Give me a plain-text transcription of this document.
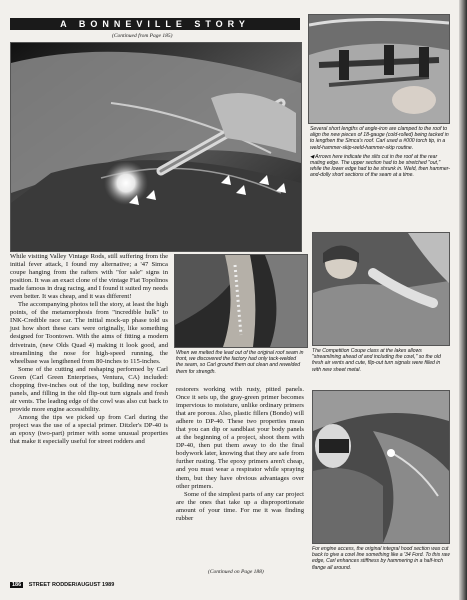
A BONNEVILLE STORY
(Continued from Page 185)

Several short lengths of angle-iron are clamped to the roof to align the new pieces of 18-gauge (cold-rolled) being tacked in to lengthen the Simca's roof. Carl used a #000 torch tip, in a weld-hammer-skip-weld-hammer-skip routine.

◀ Arrows here indicate the slits cut in the roof at the rear mating edge. The upper section had to be stretched "out," while the lower edge had to be shrunk in. Weld, then hammer-and-dolly short sections of the seam at a time.

While visiting Valley Vintage Rods, still suffering from the initial fever attack, I found my alternative; a '47 Simca coupe hanging from the rafters with "for sale" signs in position. It was an exact clone of the vintage Fiat Topolinos made famous in drag racing, and I found it suited my needs even better. It was cheap, and it was different!

The accompanying photos tell the story, at least the high points, of the metamorphosis from "incredible hulk" to INK-Credible race car. The initial mock-up phase told us just how short these cars were originally, like something designed for Toontown. With the aims of fitting a modern drivetrain, (new Olds Quad 4) making it look good, and streamlining the nose for high-speed running, the wheelbase was lengthened from 80-inches to 115-inches.

Some of the cutting and reshaping performed by Carl Green (Carl Green Enterprises, Ventura, CA) included: chopping five-inches out of the top, building new rocker panels, and filling in the old flip-out turn signals and fresh air vents. The leading edge of the cowl was also cut back to provide more engine accessibility.

Among the tips we picked up from Carl during the project was the use of a special primer. Ditzler's DP-40 is an epoxy (two-part) primer with some unusual properties that make it especially useful for street rodders and

When we melted the lead out of the original roof seam in front, we discovered the factory had only tack-welded the seam, so Carl ground them out clean and rewelded them for strength.

The Competition Coupe class at the lakes allows "streamlining ahead of and including the cowl," so the old fresh air vents and cute, flip-out turn signals were filled in with new sheet metal.

restorers working with rusty, pitted panels. Once it sets up, the gray-green primer becomes impervious to moisture, unlike ordinary primers that are porous. Also, plastic fillers (Bondo) will adhere to DP-40. These two properties mean that you can dip or sandblast your body panels at the beginning of a project, shoot them with DP-40, then put them away to do the final bodywork later, knowing that they are safe from further rusting. The epoxy primers aren't cheap, and you must wear a respirator while spraying them, but they have obvious advantages over other primers.

Some of the simplest parts of any car project are the ones that take up a disproportionate amount of your time. For me it was finding rubber

(Continued on Page 188)

For engine access, the original integral hood section was cut back to give a cowl line something like a '34 Ford. To this raw edge, Carl enhances stiffness by hammering in a half-inch flange all around.

186 STREET RODDER/AUGUST 1989
